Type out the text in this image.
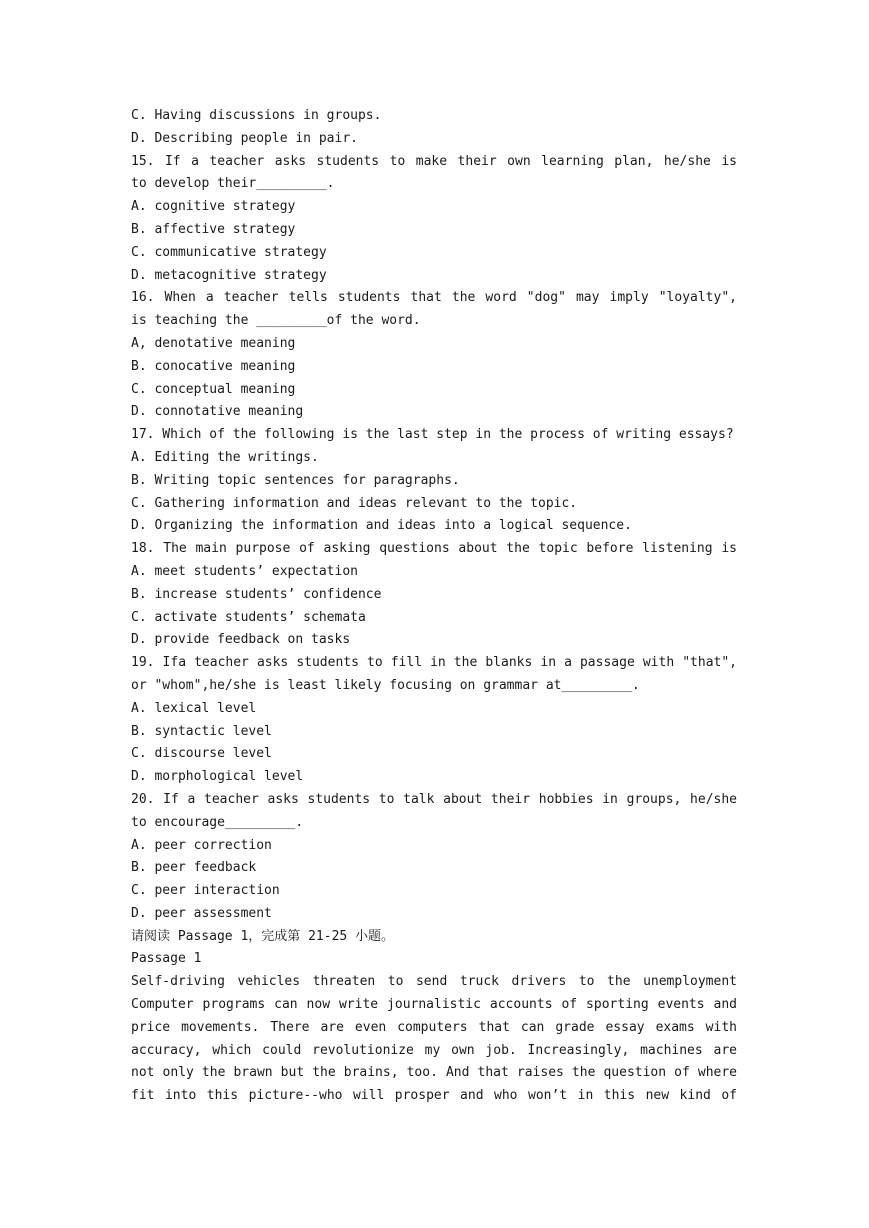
C. Having discussions in groups.
D. Describing people in pair.
15. If a teacher asks students to make their own learning plan, he/she is
to develop their_________.
A. cognitive strategy
B. affective strategy
C. communicative strategy
D. metacognitive strategy
16. When a teacher tells students that the word "dog" may imply "loyalty",
is teaching the _________of the word.
A, denotative meaning
B. conocative meaning
C. conceptual meaning
D. connotative meaning
17. Which of the following is the last step in the process of writing essays?
A. Editing the writings.
B. Writing topic sentences for paragraphs.
C. Gathering information and ideas relevant to the topic.
D. Organizing the information and ideas into a logical sequence.
18. The main purpose of asking questions about the topic before listening is
A. meet students’ expectation
B. increase students’ confidence
C. activate students’ schemata
D. provide feedback on tasks
19. Ifa teacher asks students to fill in the blanks in a passage with "that",
or "whom",he/she is least likely focusing on grammar at_________.
A. lexical level
B. syntactic level
C. discourse level
D. morphological level
20. If a teacher asks students to talk about their hobbies in groups, he/she
to encourage_________.
A. peer correction
B. peer feedback
C. peer interaction
D. peer assessment
请阅读 Passage 1，完成第 21-25 小题。
Passage 1
Self-driving vehicles threaten to send truck drivers to the unemployment
Computer programs can now write journalistic accounts of sporting events and
price movements. There are even computers that can grade essay exams with
accuracy, which could revolutionize my own job. Increasingly, machines are
not only the brawn but the brains, too. And that raises the question of where
fit into this picture--who will prosper and who won’t in this new kind of
